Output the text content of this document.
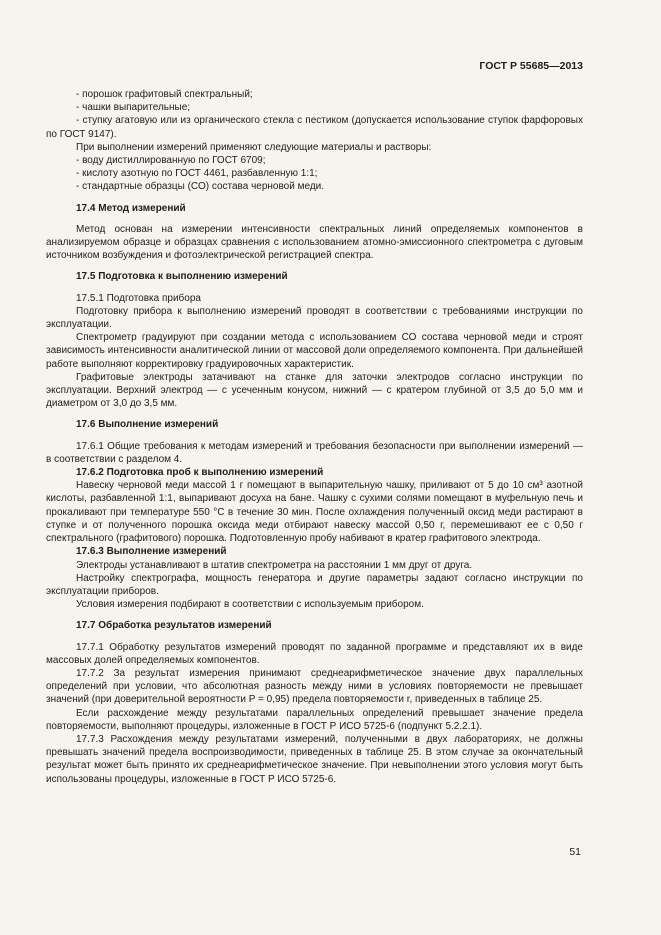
ГОСТ Р 55685—2013
- порошок графитовый спектральный;
- чашки выпарительные;
- ступку агатовую или из органического стекла с пестиком (допускается использование ступок фарфоровых по ГОСТ 9147).
При выполнении измерений применяют следующие материалы и растворы:
- воду дистиллированную по ГОСТ 6709;
- кислоту азотную по ГОСТ 4461, разбавленную 1:1;
- стандартные образцы (СО) состава черновой меди.
17.4 Метод измерений
Метод основан на измерении интенсивности спектральных линий определяемых компонентов в анализируемом образце и образцах сравнения с использованием атомно-эмиссионного спектрометра с дуговым источником возбуждения и фотоэлектрической регистрацией спектра.
17.5 Подготовка к выполнению измерений
17.5.1 Подготовка прибора
Подготовку прибора к выполнению измерений проводят в соответствии с требованиями инструкции по эксплуатации.
Спектрометр градуируют при создании метода с использованием СО состава черновой меди и строят зависимость интенсивности аналитической линии от массовой доли определяемого компонента. При дальнейшей работе выполняют корректировку градуировочных характеристик.
Графитовые электроды затачивают на станке для заточки электродов согласно инструкции по эксплуатации. Верхний электрод — с усеченным конусом, нижний — с кратером глубиной от 3,5 до 5,0 мм и диаметром от 3,0 до 3,5 мм.
17.6 Выполнение измерений
17.6.1 Общие требования к методам измерений и требования безопасности при выполнении измерений — в соответствии с разделом 4.
17.6.2 Подготовка проб к выполнению измерений
Навеску черновой меди массой 1 г помещают в выпарительную чашку, приливают от 5 до 10 см³ азотной кислоты, разбавленной 1:1, выпаривают досуха на бане. Чашку с сухими солями помещают в муфельную печь и прокаливают при температуре 550 °С в течение 30 мин. После охлаждения полученный оксид меди растирают в ступке и от полученного порошка оксида меди отбирают навеску массой 0,50 г, перемешивают ее с 0,50 г спектрального (графитового) порошка. Подготовленную пробу набивают в кратер графитового электрода.
17.6.3 Выполнение измерений
Электроды устанавливают в штатив спектрометра на расстоянии 1 мм друг от друга.
Настройку спектрографа, мощность генератора и другие параметры задают согласно инструкции по эксплуатации приборов.
Условия измерения подбирают в соответствии с используемым прибором.
17.7 Обработка результатов измерений
17.7.1 Обработку результатов измерений проводят по заданной программе и представляют их в виде массовых долей определяемых компонентов.
17.7.2 За результат измерения принимают среднеарифметическое значение двух параллельных определений при условии, что абсолютная разность между ними в условиях повторяемости не превышает значений (при доверительной вероятности P = 0,95) предела повторяемости r, приведенных в таблице 25.
Если расхождение между результатами параллельных определений превышает значение предела повторяемости, выполняют процедуры, изложенные в ГОСТ Р ИСО 5725-6 (подпункт 5.2.2.1).
17.7.3 Расхождения между результатами измерений, полученными в двух лабораториях, не должны превышать значений предела воспроизводимости, приведенных в таблице 25. В этом случае за окончательный результат может быть принято их среднеарифметическое значение. При невыполнении этого условия могут быть использованы процедуры, изложенные в ГОСТ Р ИСО 5725-6.
51
